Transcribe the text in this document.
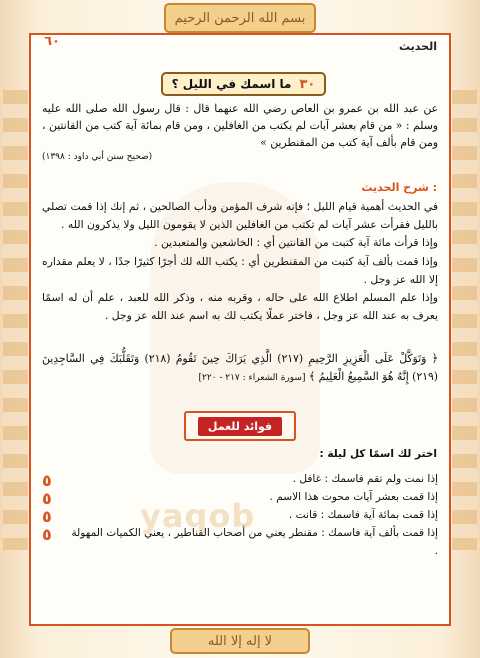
بسم الله الرحمن الرحيم
٦٠	الحديث
٣٠
ما اسمك في الليل ؟
عن عبد الله بن عمرو بن العاص رضي الله عنهما قال : قال رسول الله صلى الله عليه وسلم : « من قام بعشر آيات لم يكتب من الغافلين ، ومن قام بمائة آية كتب من القانتين ، ومن قام بألف آية كتب من المقنطرين »
(صحيح سنن أبي داود : ١٣٩٨)
شرح الحديث :

في الحديث أهمية قيام الليل ؛ فإنه شرف المؤمن ودأب الصالحين ، ثم إنك إذا قمت تصلي بالليل فقرأت عشر آيات لم تكتب من الغافلين الذين لا يقومون الليل ولا يذكرون الله .

وإذا قرأت مائة آية كتبت من القانتين أي : الخاشعين والمتعبدين .

وإذا قمت بألف آية كتبت من المقنطرين أي : يكتب الله لك أجرًا كثيرًا جدًا ، لا يعلم مقداره إلا الله عز وجل .

وإذا علم المسلم اطلاع الله على حاله ، وقربه منه ، وذكر الله للعبد ، علم أن له اسمًا يعرف به عند الله عز وجل ، فاختر عملًا يكتب لك به اسم عند الله عز وجل .

﴿ وَتَوَكَّلْ عَلَى الْعَزِيزِ الرَّحِيمِ (٢١٧) الَّذِي يَرَاكَ حِينَ تَقُومُ (٢١٨) وَتَقَلُّبَكَ فِي السَّاجِدِينَ (٢١٩) إِنَّهُ هُوَ السَّمِيعُ الْعَلِيمُ ﴾ [سورة الشعراء : ٢١٧ - ٢٢٠]
فوائد للعمل
اختر لك اسمًا كل ليلة :
٥	إذا نمت ولم تقم فاسمك : غافل .
٥	إذا قمت بعشر آيات محوت هذا الاسم .
٥	إذا قمت بمائة آية فاسمك : قانت .
٥ إذا قمت بألف آية فاسمك : مقنطر يعني من أصحاب القناطير ، يعني الكميات المهولة .
yaqob
لا إله إلا الله
